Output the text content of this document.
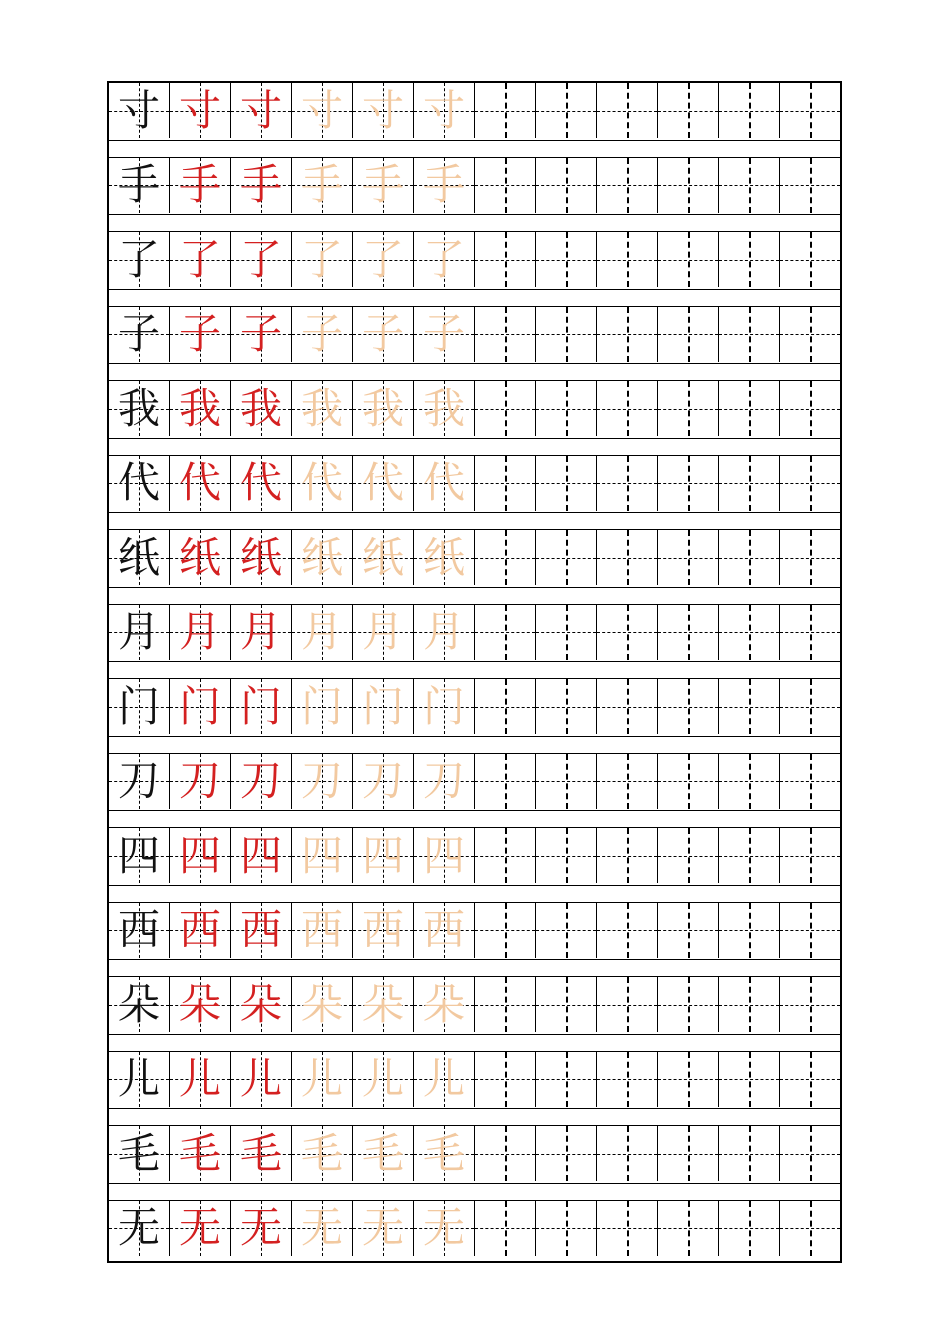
寸 寸 寸 寸 寸 寸
手 手 手 手 手 手
了 了 了 了 了 了
子 子 子 子 子 子
我 我 我 我 我 我
代 代 代 代 代 代
纸 纸 纸 纸 纸 纸
月 月 月 月 月 月
门 门 门 门 门 门
刀 刀 刀 刀 刀 刀
四 四 四 四 四 四
西 西 西 西 西 西
朵 朵 朵 朵 朵 朵
儿 儿 儿 儿 儿 儿
毛 毛 毛 毛 毛 毛
无 无 无 无 无 无
